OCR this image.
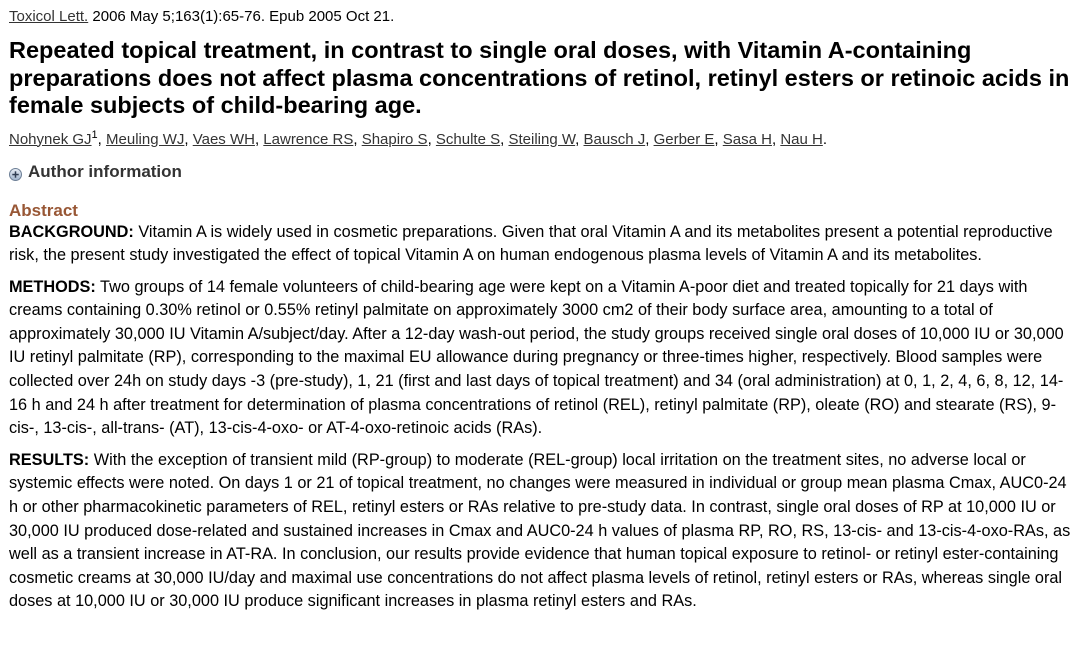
Toxicol Lett. 2006 May 5;163(1):65-76. Epub 2005 Oct 21.

Repeated topical treatment, in contrast to single oral doses, with Vitamin A-containing preparations does not affect plasma concentrations of retinol, retinyl esters or retinoic acids in female subjects of child-bearing age.
Nohynek $GJ^1$, Meuling WJ, Vaes WH, Lawrence RS, Shapiro S, Schulte S, Steiling W, Bausch J, Gerber E, Sasa H, Nau H.
Author information
Abstract

BACKGROUND: Vitamin A is widely used in cosmetic preparations. Given that oral Vitamin A and its metabolites present a potential reproductive risk, the present study investigated the effect of topical Vitamin A on human endogenous plasma levels of Vitamin A and its metabolites.

METHODS: Two groups of 14 female volunteers of child-bearing age were kept on a Vitamin A-poor diet and treated topically for 21 days with creams containing 0.30% retinol or 0.55% retinyl palmitate on approximately 3000 cm2 of their body surface area, amounting to a total of approximately 30,000 IU Vitamin A/subject/day. After a 12-day wash-out period, the study groups received single oral doses of 10,000 IU or 30,000 IU retinyl palmitate (RP), corresponding to the maximal EU allowance during pregnancy or three-times higher, respectively. Blood samples were collected over 24h on study days -3 (pre-study), 1, 21 (first and last days of topical treatment) and 34 (oral administration) at 0, 1, 2, 4, 6, 8, 12, 14-16 h and 24 h after treatment for determination of plasma concentrations of retinol (REL), retinyl palmitate (RP), oleate (RO) and stearate (RS), 9-cis-, 13-cis-, all-trans- (AT), 13-cis-4-oxo- or AT-4-oxo-retinoic acids (RAs).

RESULTS: With the exception of transient mild (RP-group) to moderate (REL-group) local irritation on the treatment sites, no adverse local or systemic effects were noted. On days 1 or 21 of topical treatment, no changes were measured in individual or group mean plasma Cmax, AUC0-24 h or other pharmacokinetic parameters of REL, retinyl esters or RAs relative to pre-study data. In contrast, single oral doses of RP at 10,000 IU or 30,000 IU produced dose-related and sustained increases in Cmax and AUC0-24 h values of plasma RP, RO, RS, 13-cis- and 13-cis-4-oxo-RAs, as well as a transient increase in AT-RA. In conclusion, our results provide evidence that human topical exposure to retinol- or retinyl ester-containing cosmetic creams at 30,000 IU/day and maximal use concentrations do not affect plasma levels of retinol, retinyl esters or RAs, whereas single oral doses at 10,000 IU or 30,000 IU produce significant increases in plasma retinyl esters and RAs.
